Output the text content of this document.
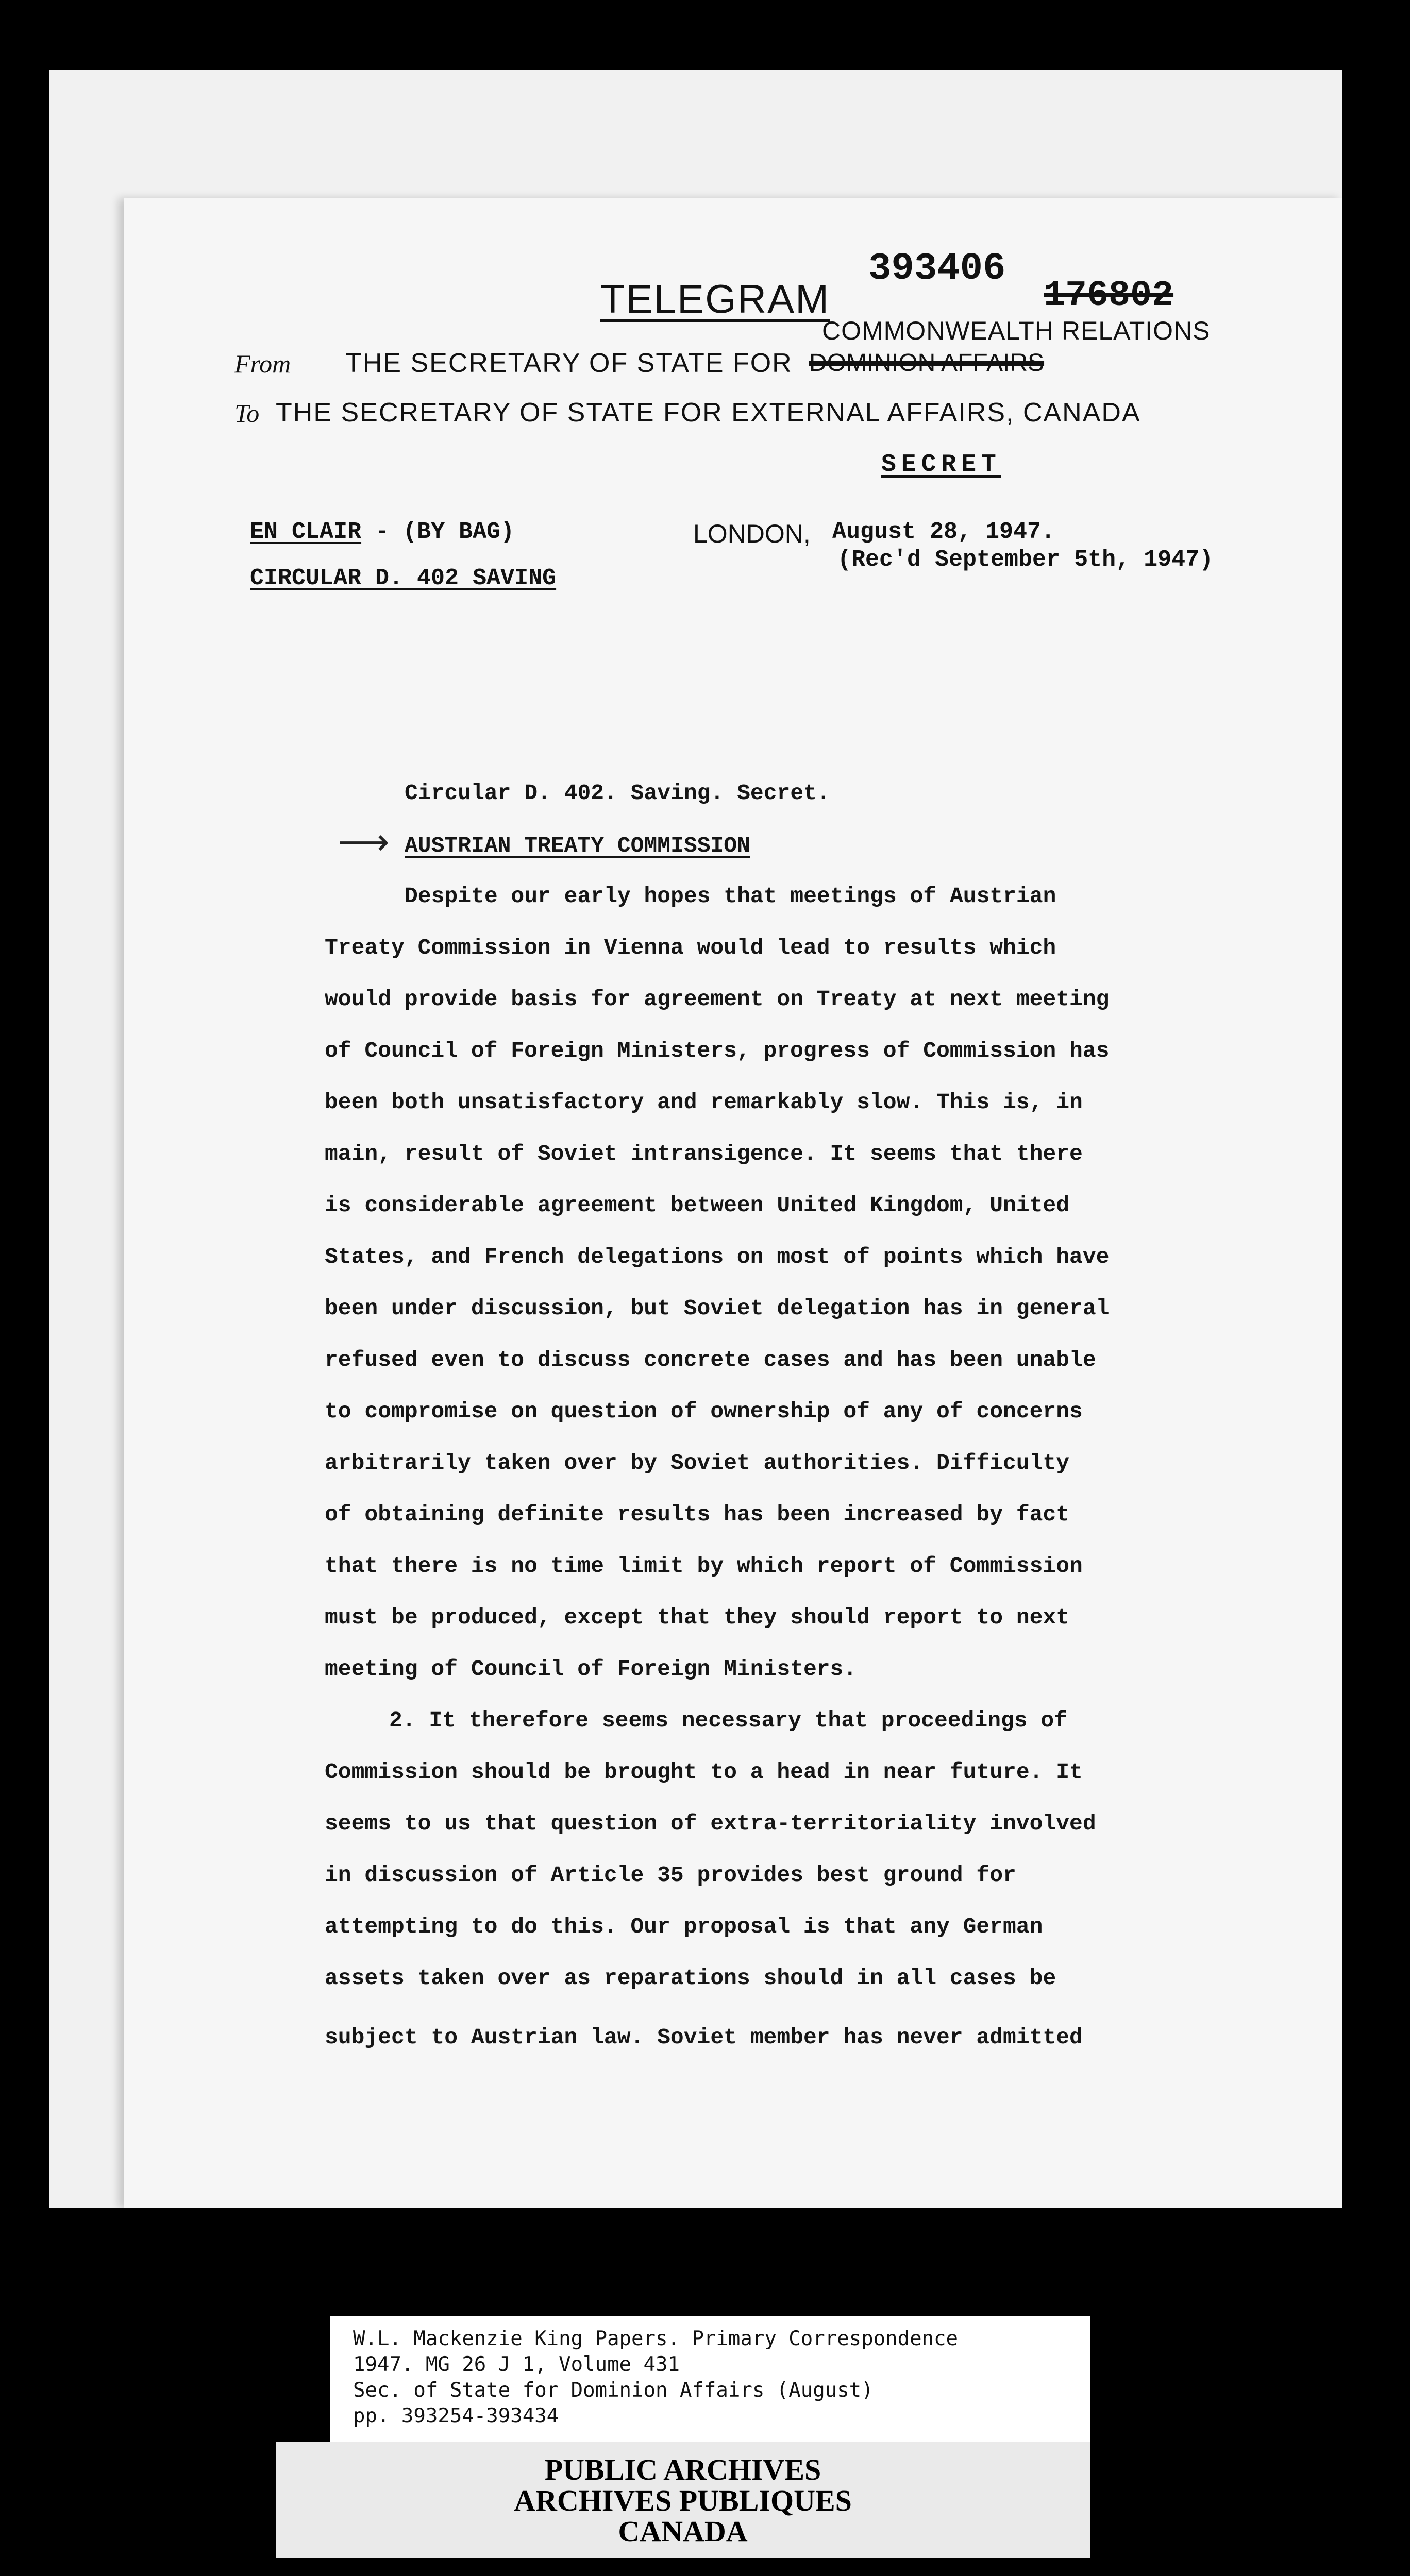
TELEGRAM
393406
176802
COMMONWEALTH RELATIONS
From THE SECRETARY OF STATE FOR DOMINION AFFAIRS
To THE SECRETARY OF STATE FOR EXTERNAL AFFAIRS, CANADA
SECRET
EN CLAIR - (BY BAG)
CIRCULAR D. 402 SAVING
LONDON, August 28, 1947.
(Rec'd September 5th, 1947)
Circular D. 402. Saving. Secret.
⟶ AUSTRIAN TREATY COMMISSION
Despite our early hopes that meetings of Austrian
Treaty Commission in Vienna would lead to results which
would provide basis for agreement on Treaty at next meeting
of Council of Foreign Ministers, progress of Commission has
been both unsatisfactory and remarkably slow. This is, in
main, result of Soviet intransigence. It seems that there
is considerable agreement between United Kingdom, United
States, and French delegations on most of points which have
been under discussion, but Soviet delegation has in general
refused even to discuss concrete cases and has been unable
to compromise on question of ownership of any of concerns
arbitrarily taken over by Soviet authorities. Difficulty
of obtaining definite results has been increased by fact
that there is no time limit by which report of Commission
must be produced, except that they should report to next
meeting of Council of Foreign Ministers.
2. It therefore seems necessary that proceedings of
Commission should be brought to a head in near future. It
seems to us that question of extra-territoriality involved
in discussion of Article 35 provides best ground for
attempting to do this. Our proposal is that any German
assets taken over as reparations should in all cases be
subject to Austrian law. Soviet member has never admitted
W.L. Mackenzie King Papers. Primary Correspondence
1947. MG 26 J 1, Volume 431
Sec. of State for Dominion Affairs (August)
pp. 393254-393434
PUBLIC ARCHIVES
ARCHIVES PUBLIQUES
CANADA
